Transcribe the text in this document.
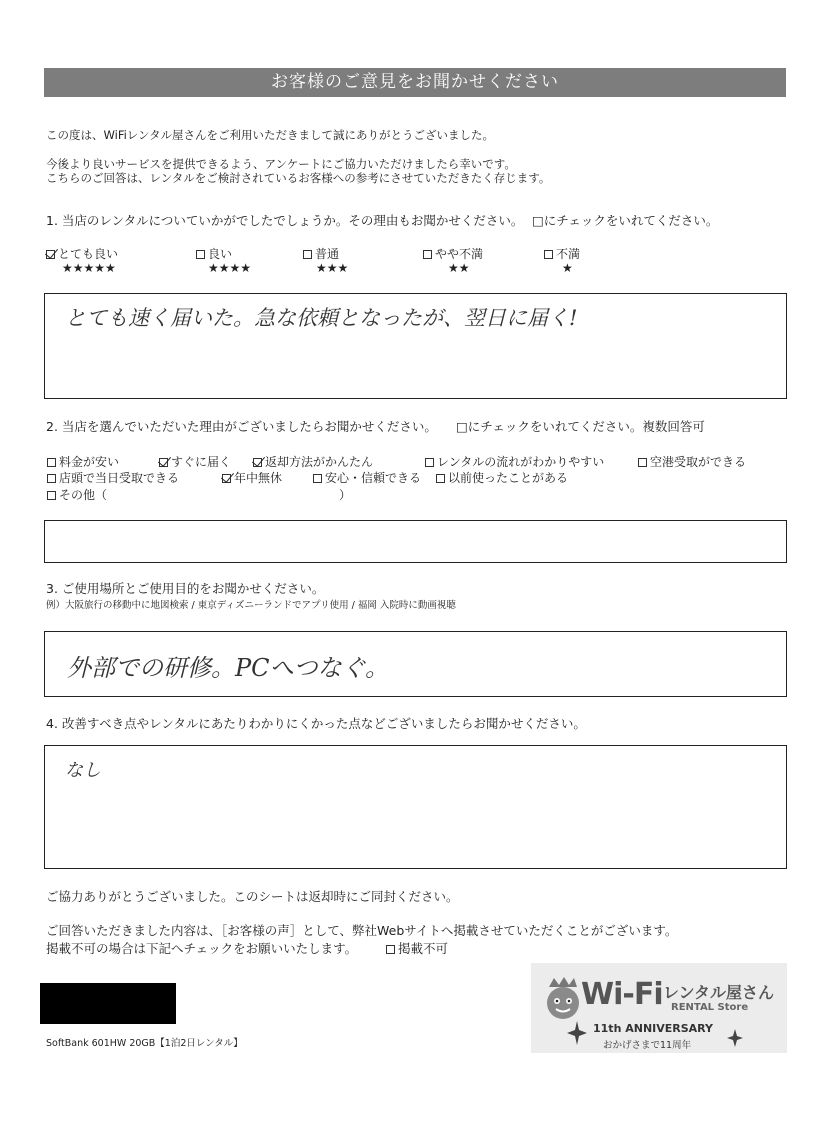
お客様のご意見をお聞かせください
この度は、WiFiレンタル屋さんをご利用いただきまして誠にありがとうございました。
今後より良いサービスを提供できるよう、アンケートにご協力いただけましたら幸いです。
こちらのご回答は、レンタルをご検討されているお客様への参考にさせていただきたく存じます。
1. 当店のレンタルについていかがでしたでしょうか。その理由もお聞かせください。 □にチェックをいれてください。
とても良い
★★★★★
良い
★★★★
普通
★★★
やや不満
★★
不満
★
とても速く届いた。急な依頼となったが、翌日に届く!
2. 当店を選んでいただいた理由がございましたらお聞かせください。 □にチェックをいれてください。複数回答可
料金が安い	すぐに届く	返却方法がかんたん	レンタルの流れがわかりやすい	空港受取ができる
店頭で当日受取できる	年中無休	安心・信頼できる	以前使ったことがある
その他（	）
3. ご使用場所とご使用目的をお聞かせください。
例）大阪旅行の移動中に地図検索 / 東京ディズニーランドでアプリ使用 / 福岡 入院時に動画視聴
外部での研修。PCへつなぐ。
4. 改善すべき点やレンタルにあたりわかりにくかった点などございましたらお聞かせください。
なし
ご協力ありがとうございました。このシートは返却時にご同封ください。
ご回答いただきました内容は、［お客様の声］として、弊社Webサイトへ掲載させていただくことがございます。
掲載不可の場合は下記へチェックをお願いいたします。	掲載不可
SoftBank 601HW 20GB【1泊2日レンタル】
Wi-Fi レンタル屋さん
RENTAL Store
11th ANNIVERSARY
おかげさまで11周年
